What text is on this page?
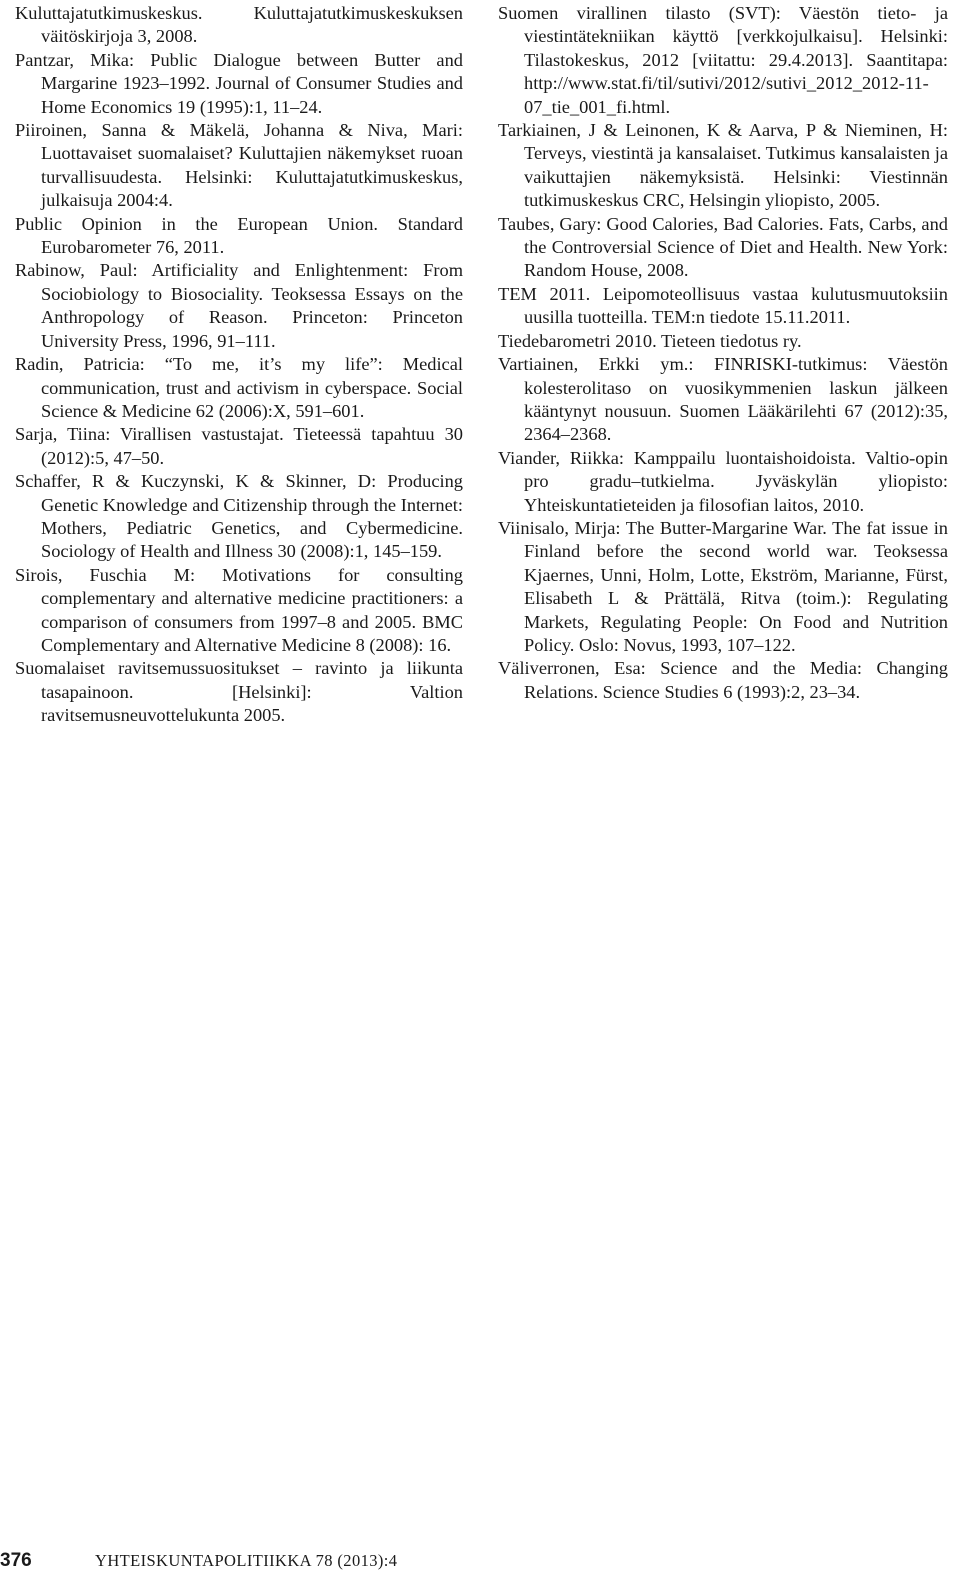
Kuluttajatutkimuskeskus. Kuluttajatutkimuskeskuksen väitöskirjoja 3, 2008.

Pantzar, Mika: Public Dialogue between Butter and Margarine 1923–1992. Journal of Consumer Studies and Home Economics 19 (1995):1, 11–24.

Piiroinen, Sanna & Mäkelä, Johanna & Niva, Mari: Luottavaiset suomalaiset? Kuluttajien näkemykset ruoan turvallisuudesta. Helsinki: Kuluttajatutkimuskeskus, julkaisuja 2004:4.

Public Opinion in the European Union. Standard Eurobarometer 76, 2011.

Rabinow, Paul: Artificiality and Enlightenment: From Sociobiology to Biosociality. Teoksessa Essays on the Anthropology of Reason. Princeton: Princeton University Press, 1996, 91–111.

Radin, Patricia: “To me, it’s my life”: Medical communication, trust and activism in cyberspace. Social Science & Medicine 62 (2006):X, 591–601.

Sarja, Tiina: Virallisen vastustajat. Tieteessä tapahtuu 30 (2012):5, 47–50.

Schaffer, R & Kuczynski, K & Skinner, D: Producing Genetic Knowledge and Citizenship through the Internet: Mothers, Pediatric Genetics, and Cybermedicine. Sociology of Health and Illness 30 (2008):1, 145–159.

Sirois, Fuschia M: Motivations for consulting complementary and alternative medicine practitioners: a comparison of consumers from 1997–8 and 2005. BMC Complementary and Alternative Medicine 8 (2008): 16.

Suomalaiset ravitsemussuositukset – ravinto ja liikunta tasapainoon. [Helsinki]: Valtion ravitsemusneuvottelukunta 2005.

Suomen virallinen tilasto (SVT): Väestön tieto- ja viestintätekniikan käyttö [verkkojulkaisu]. Helsinki: Tilastokeskus, 2012 [viitattu: 29.4.2013]. Saantitapa: http://www.stat.fi/til/sutivi/2012/sutivi_2012_2012-11-07_tie_001_fi.html.

Tarkiainen, J & Leinonen, K & Aarva, P & Nieminen, H: Terveys, viestintä ja kansalaiset. Tutkimus kansalaisten ja vaikuttajien näkemyksistä. Helsinki: Viestinnän tutkimuskeskus CRC, Helsingin yliopisto, 2005.

Taubes, Gary: Good Calories, Bad Calories. Fats, Carbs, and the Controversial Science of Diet and Health. New York: Random House, 2008.

TEM 2011. Leipomoteollisuus vastaa kulutusmuutoksiin uusilla tuotteilla. TEM:n tiedote 15.11.2011.

Tiedebarometri 2010. Tieteen tiedotus ry.

Vartiainen, Erkki ym.: FINRISKI-tutkimus: Väestön kolesterolitaso on vuosikymmenien laskun jälkeen kääntynyt nousuun. Suomen Lääkärilehti 67 (2012):35, 2364–2368.

Viander, Riikka: Kamppailu luontaishoidoista. Valtio-opin pro gradu–tutkielma. Jyväskylän yliopisto: Yhteiskuntatieteiden ja filosofian laitos, 2010.

Viinisalo, Mirja: The Butter-Margarine War. The fat issue in Finland before the second world war. Teoksessa Kjaernes, Unni, Holm, Lotte, Ekström, Marianne, Fürst, Elisabeth L & Prättälä, Ritva (toim.): Regulating Markets, Regulating People: On Food and Nutrition Policy. Oslo: Novus, 1993, 107–122.

Väliverronen, Esa: Science and the Media: Changing Relations. Science Studies 6 (1993):2, 23–34.

376	YHTEISKUNTAPOLITIIKKA 78 (2013):4
